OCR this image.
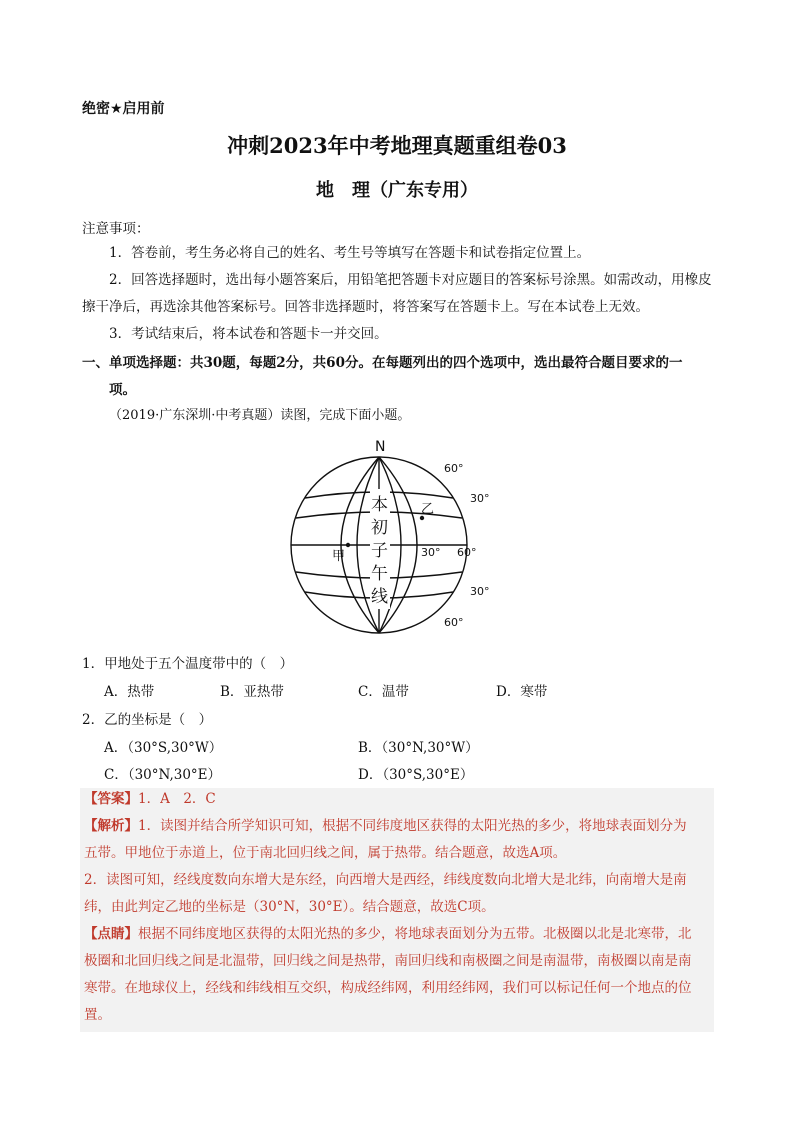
绝密★启用前
冲刺2023年中考地理真题重组卷03
地　理（广东专用）
注意事项：
1．答卷前，考生务必将自己的姓名、考生号等填写在答题卡和试卷指定位置上。
2．回答选择题时，选出每小题答案后，用铅笔把答题卡对应题目的答案标号涂黑。如需改动，用橡皮擦干净后，再选涂其他答案标号。回答非选择题时，将答案写在答题卡上。写在本试卷上无效。
3．考试结束后，将本试卷和答题卡一并交回。
一、单项选择题：共30题，每题2分，共60分。在每题列出的四个选项中，选出最符合题目要求的一
项。
（2019·广东深圳·中考真题）读图，完成下面小题。
N
本
初
子
午
线
甲
乙
60°
30°
30° 60°
30°
60°
1．甲地处于五个温度带中的（　）
A．热带	B．亚热带	C．温带	D．寒带
2．乙的坐标是（　）
A．（30°S,30°W）	B．（30°N,30°W）
C．（30°N,30°E）	D．（30°S,30°E）
【答案】1．A　2．C
【解析】1．读图并结合所学知识可知，根据不同纬度地区获得的太阳光热的多少，将地球表面划分为
五带。甲地位于赤道上，位于南北回归线之间，属于热带。结合题意，故选A项。
2．读图可知，经线度数向东增大是东经，向西增大是西经，纬线度数向北增大是北纬，向南增大是南
纬，由此判定乙地的坐标是（30°N，30°E）。结合题意，故选C项。
【点睛】根据不同纬度地区获得的太阳光热的多少，将地球表面划分为五带。北极圈以北是北寒带，北
极圈和北回归线之间是北温带，回归线之间是热带，南回归线和南极圈之间是南温带，南极圈以南是南
寒带。在地球仪上，经线和纬线相互交织，构成经纬网，利用经纬网，我们可以标记任何一个地点的位
置。
